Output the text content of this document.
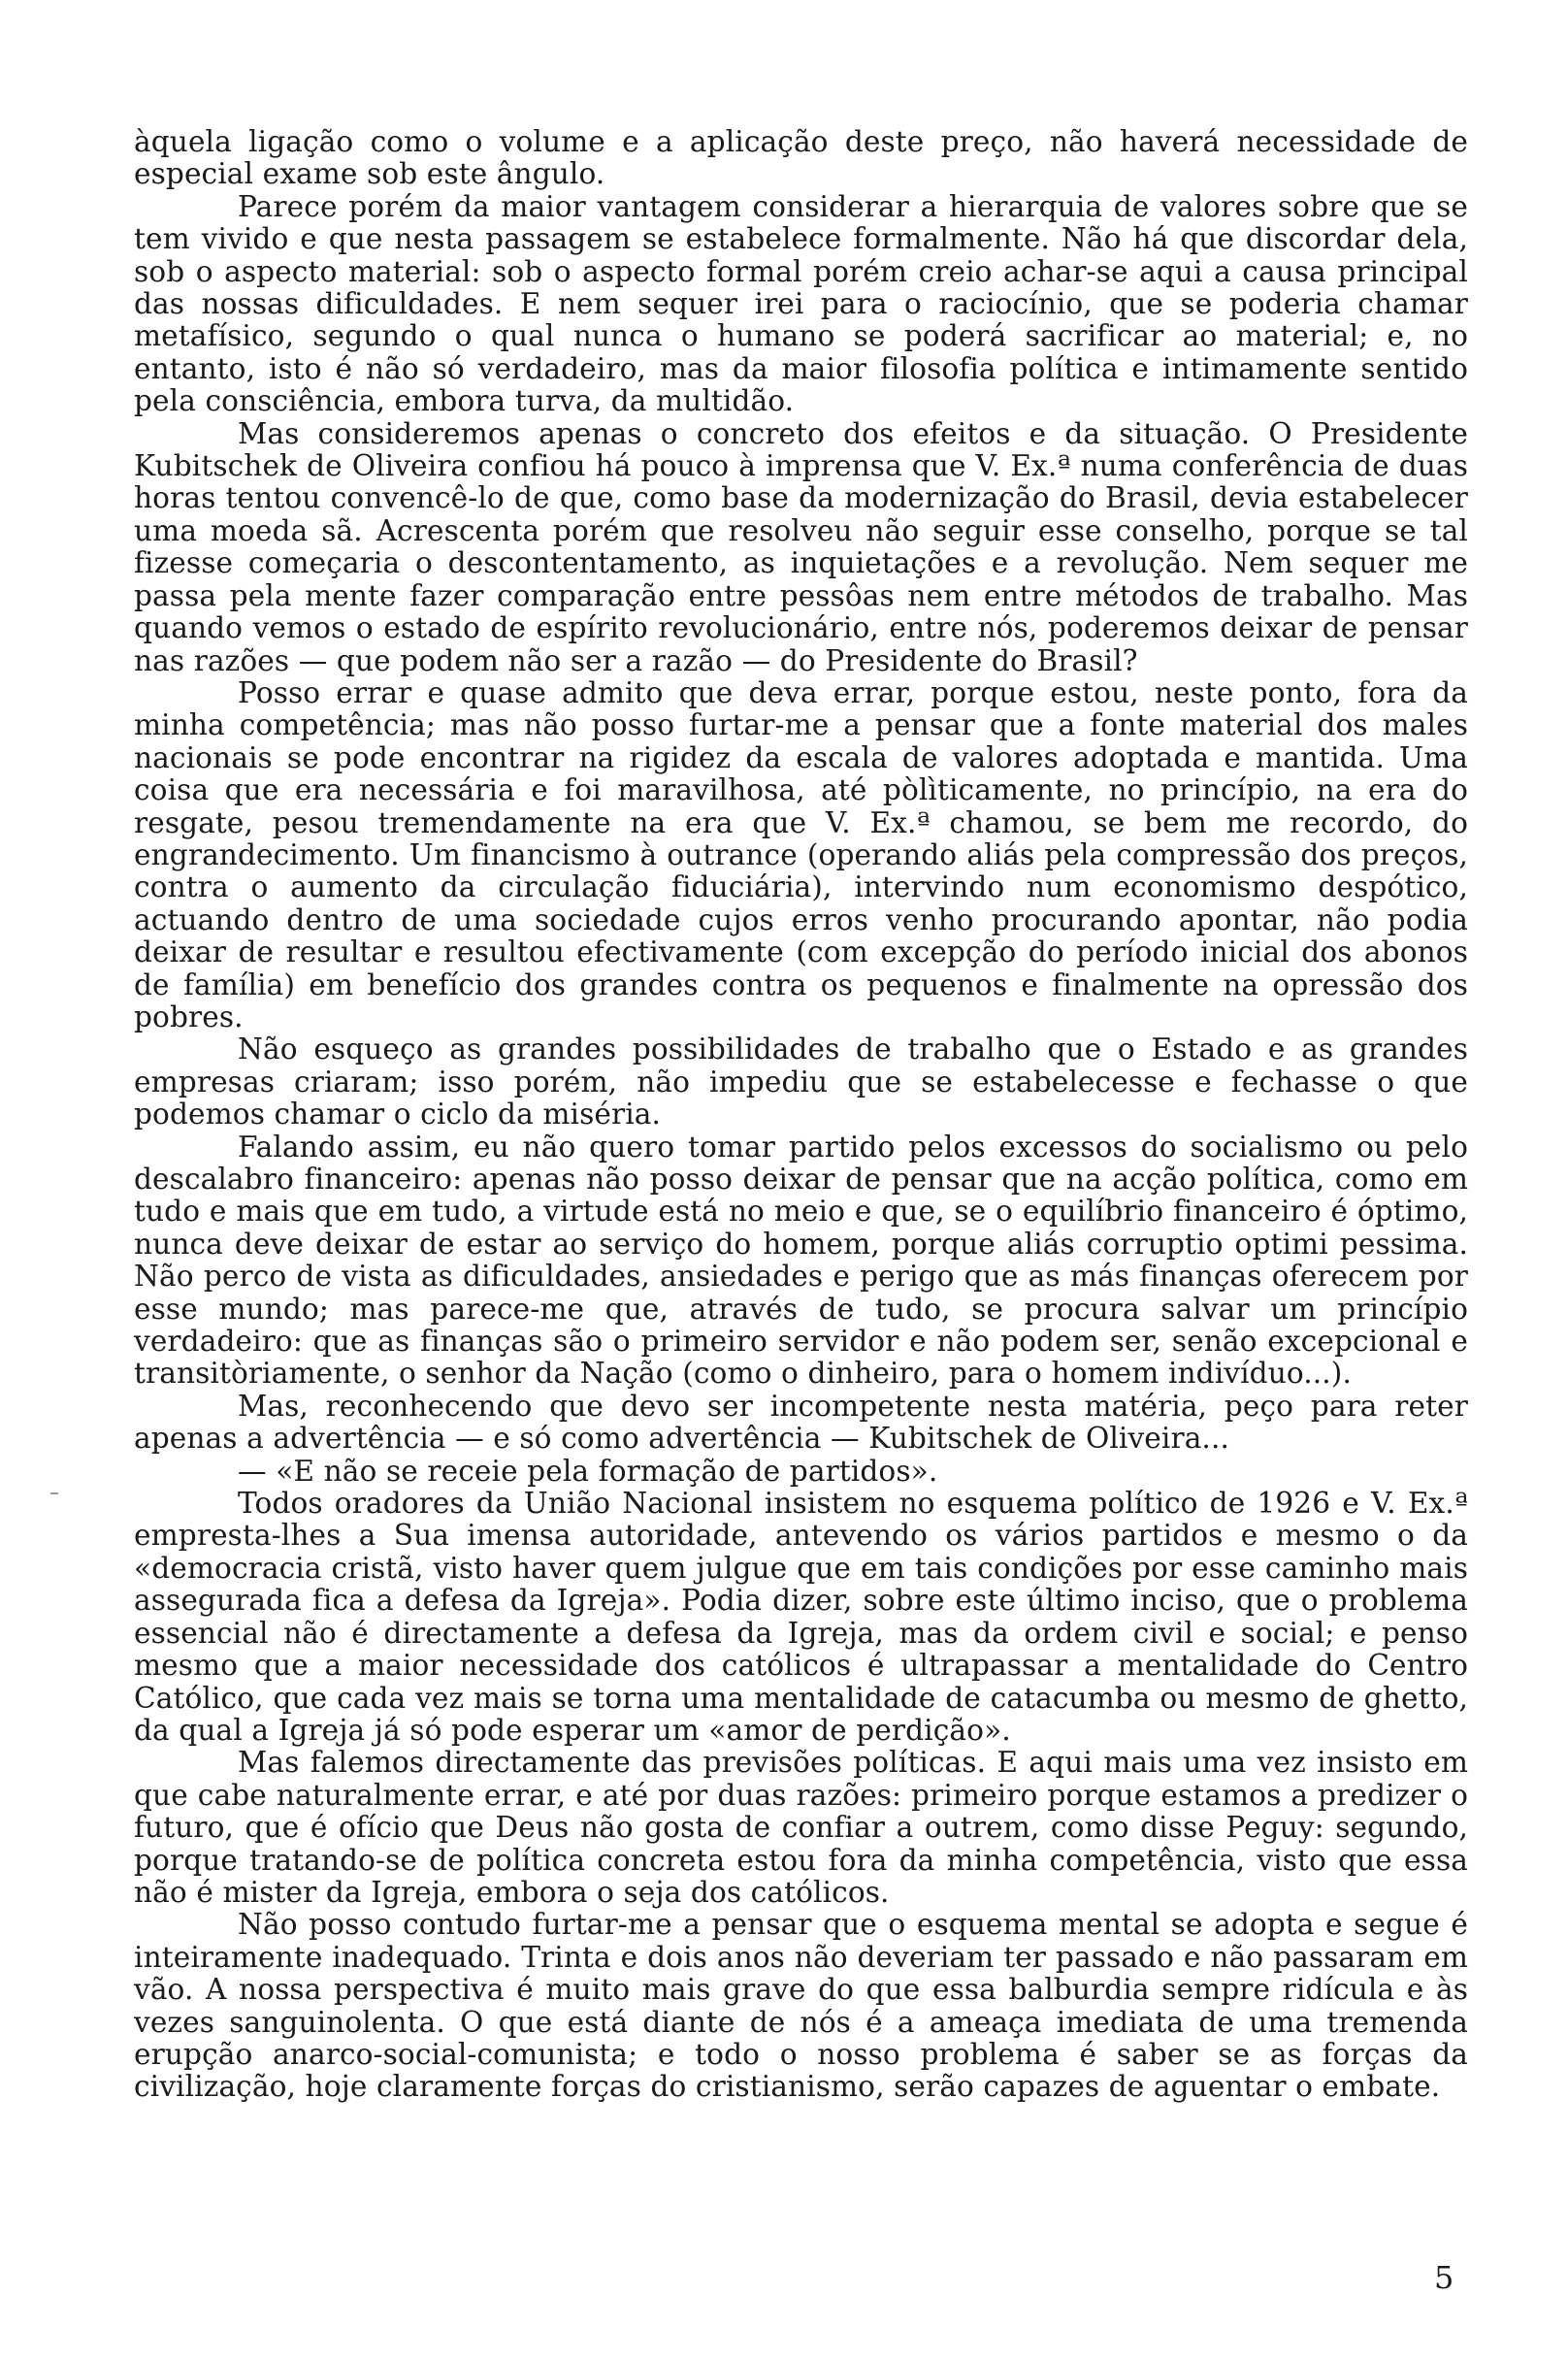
àquela ligação como o volume e a aplicação deste preço, não haverá necessidade de especial exame sob este ângulo.

Parece porém da maior vantagem considerar a hierarquia de valores sobre que se tem vivido e que nesta passagem se estabelece formalmente. Não há que discordar dela, sob o aspecto material: sob o aspecto formal porém creio achar-se aqui a causa principal das nossas dificuldades. E nem sequer irei para o raciocínio, que se poderia chamar metafísico, segundo o qual nunca o humano se poderá sacrificar ao material; e, no entanto, isto é não só verdadeiro, mas da maior filosofia política e intimamente sentido pela consciência, embora turva, da multidão.

Mas consideremos apenas o concreto dos efeitos e da situação. O Presidente Kubitschek de Oliveira confiou há pouco à imprensa que V. Ex.ª numa conferência de duas horas tentou convencê-lo de que, como base da modernização do Brasil, devia estabelecer uma moeda sã. Acrescenta porém que resolveu não seguir esse conselho, porque se tal fizesse começaria o descontentamento, as inquietações e a revolução. Nem sequer me passa pela mente fazer comparação entre pessôas nem entre métodos de trabalho. Mas quando vemos o estado de espírito revolucionário, entre nós, poderemos deixar de pensar nas razões — que podem não ser a razão — do Presidente do Brasil?

Posso errar e quase admito que deva errar, porque estou, neste ponto, fora da minha competência; mas não posso furtar-me a pensar que a fonte material dos males nacionais se pode encontrar na rigidez da escala de valores adoptada e mantida. Uma coisa que era necessária e foi maravilhosa, até pòlìticamente, no princípio, na era do resgate, pesou tremendamente na era que V. Ex.ª chamou, se bem me recordo, do engrandecimento. Um financismo à outrance (operando aliás pela compressão dos preços, contra o aumento da circulação fiduciária), intervindo num economismo despótico, actuando dentro de uma sociedade cujos erros venho procurando apontar, não podia deixar de resultar e resultou efectivamente (com excepção do período inicial dos abonos de família) em benefício dos grandes contra os pequenos e finalmente na opressão dos pobres.

Não esqueço as grandes possibilidades de trabalho que o Estado e as grandes empresas criaram; isso porém, não impediu que se estabelecesse e fechasse o que podemos chamar o ciclo da miséria.

Falando assim, eu não quero tomar partido pelos excessos do socialismo ou pelo descalabro financeiro: apenas não posso deixar de pensar que na acção política, como em tudo e mais que em tudo, a virtude está no meio e que, se o equilíbrio financeiro é óptimo, nunca deve deixar de estar ao serviço do homem, porque aliás corruptio optimi pessima. Não perco de vista as dificuldades, ansiedades e perigo que as más finanças oferecem por esse mundo; mas parece-me que, através de tudo, se procura salvar um princípio verdadeiro: que as finanças são o primeiro servidor e não podem ser, senão excepcional e transitòriamente, o senhor da Nação (como o dinheiro, para o homem indivíduo...).

Mas, reconhecendo que devo ser incompetente nesta matéria, peço para reter apenas a advertência — e só como advertência — Kubitschek de Oliveira...

— «E não se receie pela formação de partidos».

Todos oradores da União Nacional insistem no esquema político de 1926 e V. Ex.ª empresta-lhes a Sua imensa autoridade, antevendo os vários partidos e mesmo o da «democracia cristã, visto haver quem julgue que em tais condições por esse caminho mais assegurada fica a defesa da Igreja». Podia dizer, sobre este último inciso, que o problema essencial não é directamente a defesa da Igreja, mas da ordem civil e social; e penso mesmo que a maior necessidade dos católicos é ultrapassar a mentalidade do Centro Católico, que cada vez mais se torna uma mentalidade de catacumba ou mesmo de ghetto, da qual a Igreja já só pode esperar um «amor de perdição».

Mas falemos directamente das previsões políticas. E aqui mais uma vez insisto em que cabe naturalmente errar, e até por duas razões: primeiro porque estamos a predizer o futuro, que é ofício que Deus não gosta de confiar a outrem, como disse Peguy: segundo, porque tratando-se de política concreta estou fora da minha competência, visto que essa não é mister da Igreja, embora o seja dos católicos.

Não posso contudo furtar-me a pensar que o esquema mental se adopta e segue é inteiramente inadequado. Trinta e dois anos não deveriam ter passado e não passaram em vão. A nossa perspectiva é muito mais grave do que essa balburdia sempre ridícula e às vezes sanguinolenta. O que está diante de nós é a ameaça imediata de uma tremenda erupção anarco-social-comunista; e todo o nosso problema é saber se as forças da civilização, hoje claramente forças do cristianismo, serão capazes de aguentar o embate.

5
